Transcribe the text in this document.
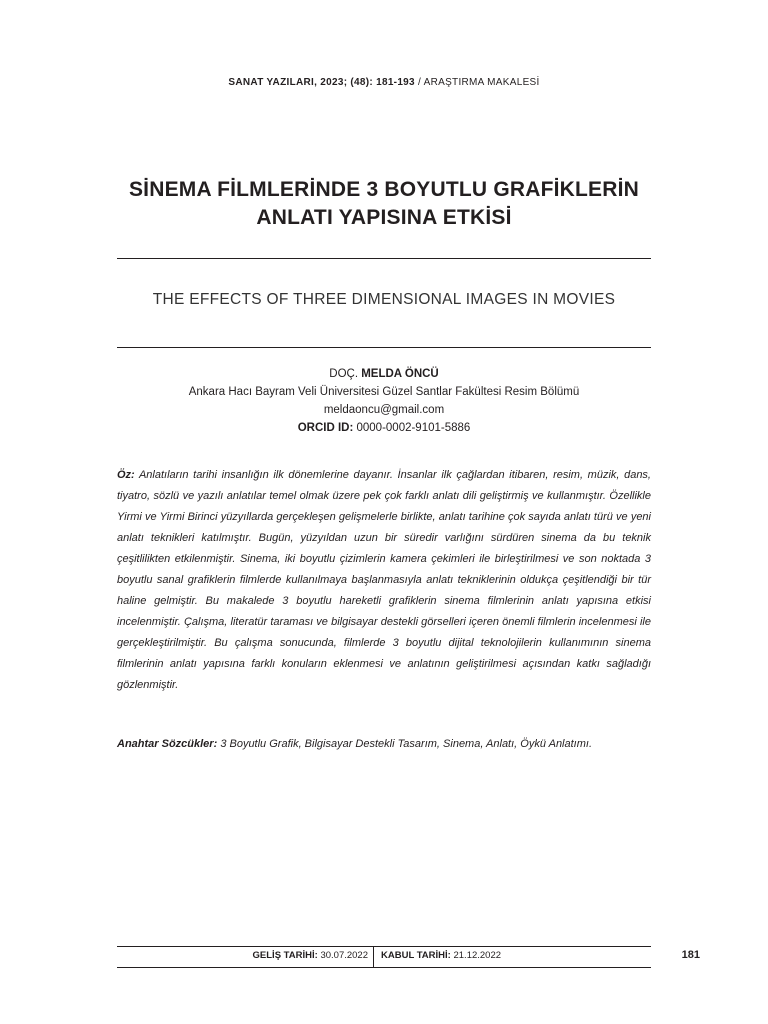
SANAT YAZILARI, 2023; (48): 181-193 / ARAŞTIRMA MAKALESİ
SİNEMA FİLMLERİNDE 3 BOYUTLU GRAFİKLERİN
ANLATI YAPISINA ETKİSİ
THE EFFECTS OF THREE DIMENSIONAL IMAGES IN MOVIES
DOÇ. MELDA ÖNCÜ
Ankara Hacı Bayram Veli Üniversitesi Güzel Santlar Fakültesi Resim Bölümü
meldaoncu@gmail.com
ORCID ID: 0000-0002-9101-5886
Öz: Anlatıların tarihi insanlığın ilk dönemlerine dayanır. İnsanlar ilk çağlardan itibaren, resim, müzik, dans, tiyatro, sözlü ve yazılı anlatılar temel olmak üzere pek çok farklı anlatı dili geliştirmiş ve kullanmıştır. Özellikle Yirmi ve Yirmi Birinci yüzyıllarda gerçekleşen gelişmelerle birlikte, anlatı tarihine çok sayıda anlatı türü ve yeni anlatı teknikleri katılmıştır. Bugün, yüzyıldan uzun bir süredir varlığını sürdüren sinema da bu teknik çeşitlilikten etkilenmiştir. Sinema, iki boyutlu çizimlerin kamera çekimleri ile birleştirilmesi ve son noktada 3 boyutlu sanal grafiklerin filmlerde kullanılmaya başlanmasıyla anlatı tekniklerinin oldukça çeşitlendiği bir tür haline gelmiştir. Bu makalede 3 boyutlu hareketli grafiklerin sinema filmlerinin anlatı yapısına etkisi incelenmiştir. Çalışma, literatür taraması ve bilgisayar destekli görselleri içeren önemli filmlerin incelenmesi ile gerçekleştirilmiştir. Bu çalışma sonucunda, filmlerde 3 boyutlu dijital teknolojilerin kullanımının sinema filmlerinin anlatı yapısına farklı konuların eklenmesi ve anlatının geliştirilmesi açısından katkı sağladığı gözlenmiştir.
Anahtar Sözcükler: 3 Boyutlu Grafik, Bilgisayar Destekli Tasarım, Sinema, Anlatı, Öykü Anlatımı.
GELİŞ TARİHİ: 30.07.2022 KABUL TARİHİ: 21.12.2022	181
